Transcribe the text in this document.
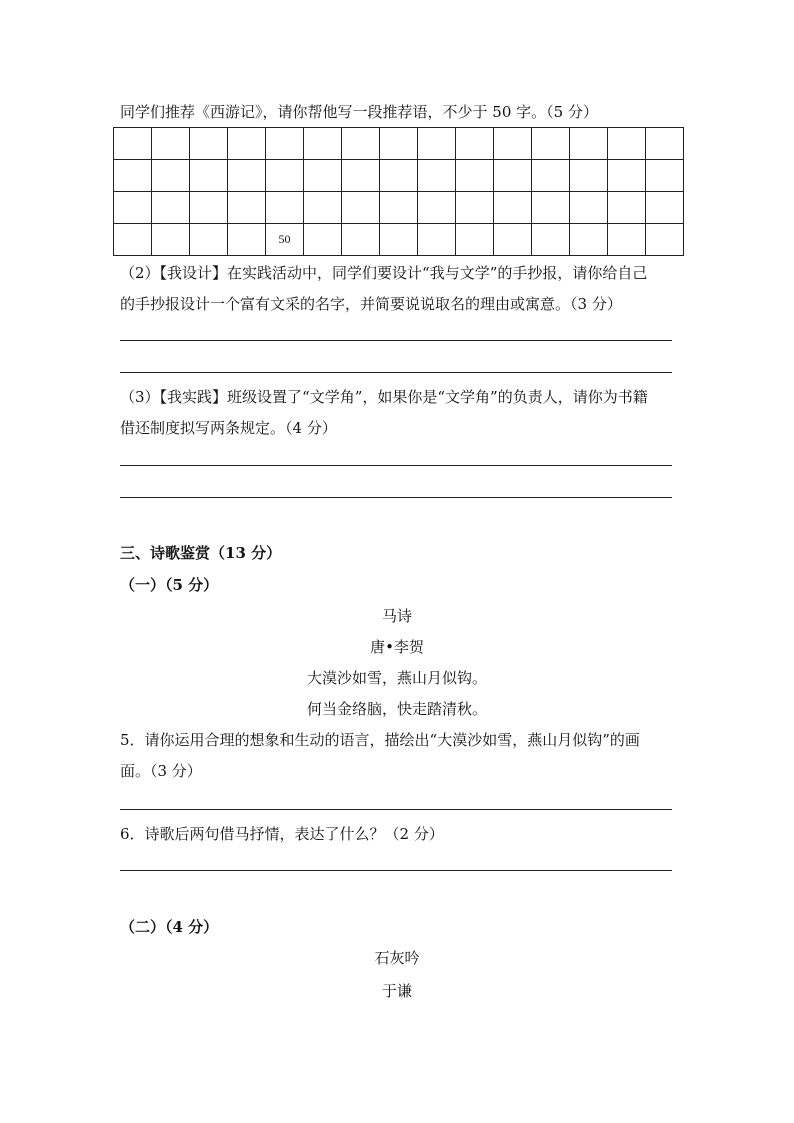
同学们推荐《西游记》，请你帮他写一段推荐语，不少于 50 字。（5 分）

				50										
（2）【我设计】在实践活动中，同学们要设计“我与文学”的手抄报，请你给自己
的手抄报设计一个富有文采的名字，并简要说说取名的理由或寓意。（3 分）
（3）【我实践】班级设置了“文学角”，如果你是“文学角”的负责人，请你为书籍
借还制度拟写两条规定。（4 分）
三、诗歌鉴赏（13 分）
（一）（5 分）
马诗
唐•李贺
大漠沙如雪，燕山月似钩。
何当金络脑，快走踏清秋。
5．请你运用合理的想象和生动的语言，描绘出“大漠沙如雪，燕山月似钩”的画
面。（3 分）
6．诗歌后两句借马抒情，表达了什么？（2 分）
（二）（4 分）
石灰吟
于谦
